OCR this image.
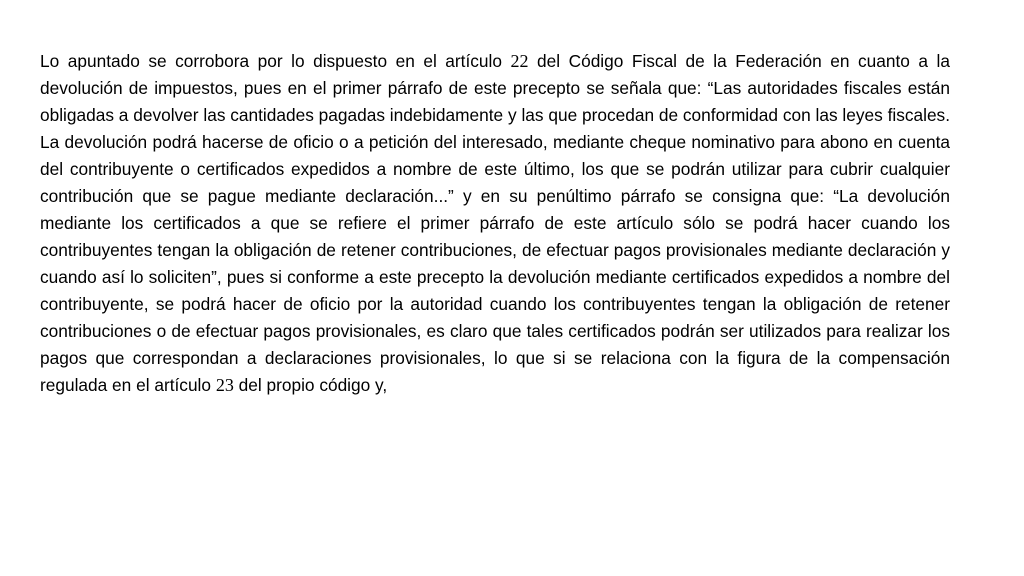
Lo apuntado se corrobora por lo dispuesto en el artículo 22 del Código Fiscal de la Federación en cuanto a la devolución de impuestos, pues en el primer párrafo de este precepto se señala que: “Las autoridades fiscales están obligadas a devolver las cantidades pagadas indebidamente y las que procedan de conformidad con las leyes fiscales. La devolución podrá hacerse de oficio o a petición del interesado, mediante cheque nominativo para abono en cuenta del contribuyente o certificados expedidos a nombre de este último, los que se podrán utilizar para cubrir cualquier contribución que se pague mediante declaración...” y en su penúltimo párrafo se consigna que: “La devolución mediante los certificados a que se refiere el primer párrafo de este artículo sólo se podrá hacer cuando los contribuyentes tengan la obligación de retener contribuciones, de efectuar pagos provisionales mediante declaración y cuando así lo soliciten”, pues si conforme a este precepto la devolución mediante certificados expedidos a nombre del contribuyente, se podrá hacer de oficio por la autoridad cuando los contribuyentes tengan la obligación de retener contribuciones o de efectuar pagos provisionales, es claro que tales certificados podrán ser utilizados para realizar los pagos que correspondan a declaraciones provisionales, lo que si se relaciona con la figura de la compensación regulada en el artículo 23 del propio código y,
